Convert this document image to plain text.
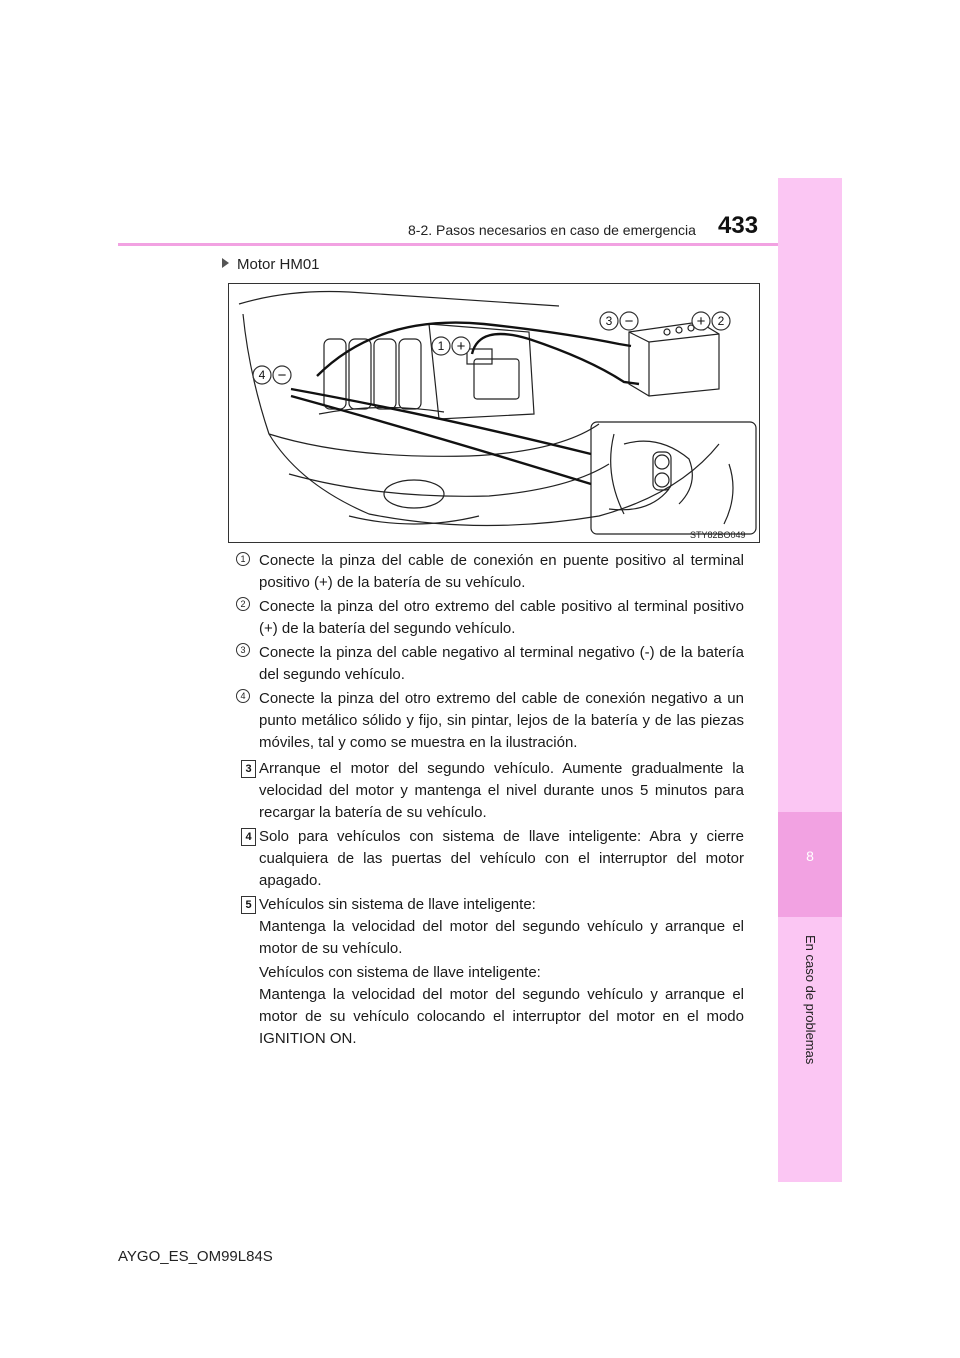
8-2. Pasos necesarios en caso de emergencia 433
8
En caso de problemas
Motor HM01
1 +
2
+
3 −
4 −
STY82BO049
1 Conecte la pinza del cable de conexión en puente positivo al terminal positivo (+) de la batería de su vehículo.
2 Conecte la pinza del otro extremo del cable positivo al terminal positivo (+) de la batería del segundo vehículo.
3 Conecte la pinza del cable negativo al terminal negativo (-) de la batería del segundo vehículo.
4 Conecte la pinza del otro extremo del cable de conexión negativo a un punto metálico sólido y fijo, sin pintar, lejos de la batería y de las piezas móviles, tal y como se muestra en la ilustración.
3 Arranque el motor del segundo vehículo. Aumente gradualmente la velocidad del motor y mantenga el nivel durante unos 5 minutos para recargar la batería de su vehículo.
4 Solo para vehículos con sistema de llave inteligente: Abra y cierre cualquiera de las puertas del vehículo con el interruptor del motor apagado.
5 Vehículos sin sistema de llave inteligente:
Mantenga la velocidad del motor del segundo vehículo y arranque el motor de su vehículo.
Vehículos con sistema de llave inteligente:
Mantenga la velocidad del motor del segundo vehículo y arranque el motor de su vehículo colocando el interruptor del motor en el modo IGNITION ON.
AYGO_ES_OM99L84S
